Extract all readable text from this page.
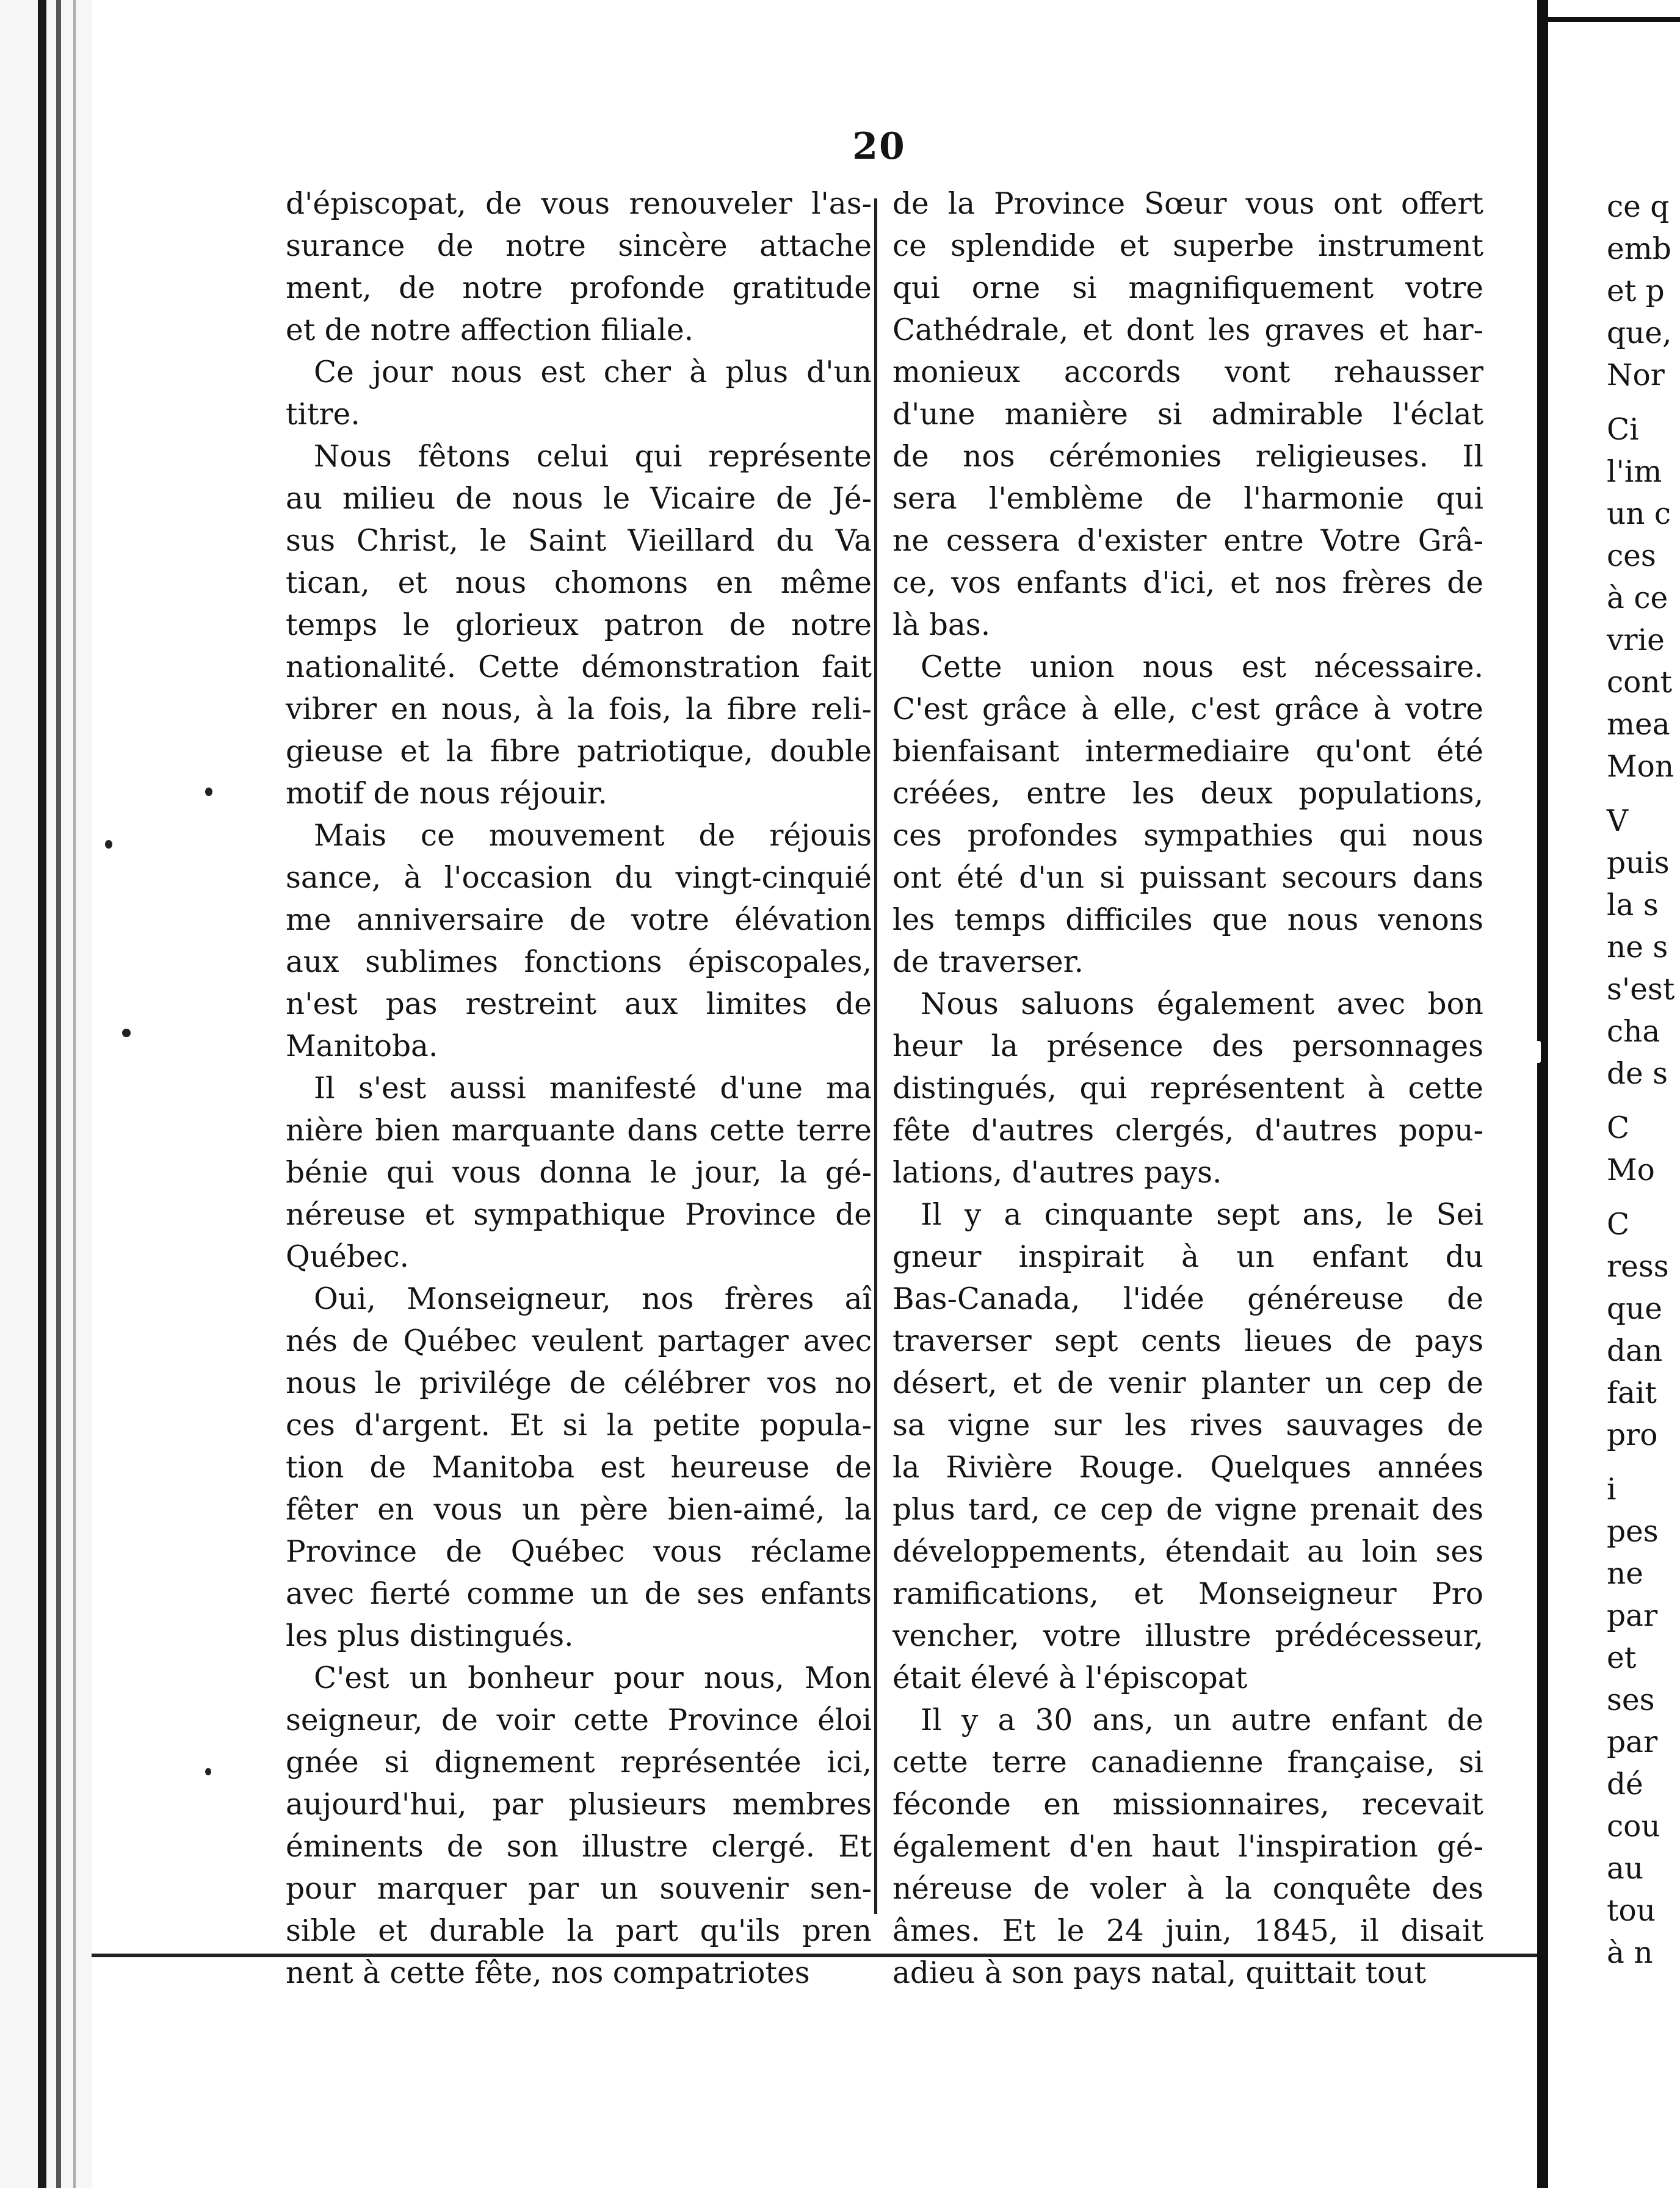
20

d'épiscopat, de vous renouveler l'as-
surance de notre sincère attache
ment, de notre profonde gratitude
et de notre affection filiale.

Ce jour nous est cher à plus d'un
titre.

Nous fêtons celui qui représente
au milieu de nous le Vicaire de Jé-
sus Christ, le Saint Vieillard du Va
tican, et nous chomons en même
temps le glorieux patron de notre
nationalité. Cette démonstration fait
vibrer en nous, à la fois, la fibre reli-
gieuse et la fibre patriotique, double
motif de nous réjouir.

Mais ce mouvement de réjouis
sance, à l'occasion du vingt-cinquié
me anniversaire de votre élévation
aux sublimes fonctions épiscopales,
n'est pas restreint aux limites de
Manitoba.

Il s'est aussi manifesté d'une ma
nière bien marquante dans cette terre
bénie qui vous donna le jour, la gé-
néreuse et sympathique Province de
Québec.

Oui, Monseigneur, nos frères aî
nés de Québec veulent partager avec
nous le privilége de célébrer vos no
ces d'argent. Et si la petite popula-
tion de Manitoba est heureuse de
fêter en vous un père bien-aimé, la
Province de Québec vous réclame
avec fierté comme un de ses enfants
les plus distingués.

C'est un bonheur pour nous, Mon
seigneur, de voir cette Province éloi
gnée si dignement représentée ici,
aujourd'hui, par plusieurs membres
éminents de son illustre clergé. Et
pour marquer par un souvenir sen-
sible et durable la part qu'ils pren
nent à cette fête, nos compatriotes

de la Province Sœur vous ont offert
ce splendide et superbe instrument
qui orne si magnifiquement votre
Cathédrale, et dont les graves et har-
monieux accords vont rehausser
d'une manière si admirable l'éclat
de nos cérémonies religieuses. Il
sera l'emblème de l'harmonie qui
ne cessera d'exister entre Votre Grâ-
ce, vos enfants d'ici, et nos frères de
là bas.

Cette union nous est nécessaire.
C'est grâce à elle, c'est grâce à votre
bienfaisant intermediaire qu'ont été
créées, entre les deux populations,
ces profondes sympathies qui nous
ont été d'un si puissant secours dans
les temps difficiles que nous venons
de traverser.

Nous saluons également avec bon
heur la présence des personnages
distingués, qui représentent à cette
fête d'autres clergés, d'autres popu-
lations, d'autres pays.

Il y a cinquante sept ans, le Sei
gneur inspirait à un enfant du
Bas-Canada, l'idée généreuse de
traverser sept cents lieues de pays
désert, et de venir planter un cep de
sa vigne sur les rives sauvages de
la Rivière Rouge. Quelques années
plus tard, ce cep de vigne prenait des
développements, étendait au loin ses
ramifications, et Monseigneur Pro
vencher, votre illustre prédécesseur,
était élevé à l'épiscopat

Il y a 30 ans, un autre enfant de
cette terre canadienne française, si
féconde en missionnaires, recevait
également d'en haut l'inspiration gé-
néreuse de voler à la conquête des
âmes. Et le 24 juin, 1845, il disait
adieu à son pays natal, quittait tout

ce q
emb
et p
que,
Nor
Ci
l'im
un c
ces
à ce
vrie
cont
mea
Mon
V
puis
la s
ne s
s'est
cha
de s
C
Mo
C
ress
que
dan
fait
pro
i
pes
ne
par
et
ses
par
dé
cou
au
tou
à n
